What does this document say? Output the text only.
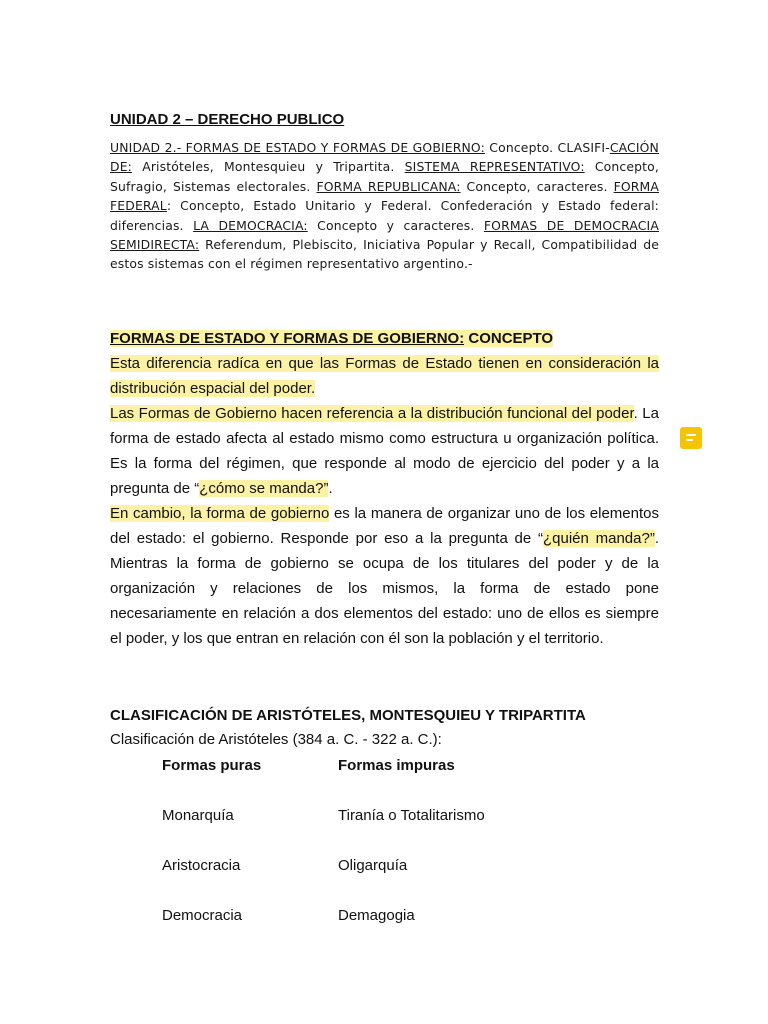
UNIDAD 2 – DERECHO PUBLICO
UNIDAD 2.- FORMAS DE ESTADO Y FORMAS DE GOBIERNO: Concepto. CLASIFI-CACIÓN DE: Aristóteles, Montesquieu y Tripartita. SISTEMA REPRESENTATIVO: Concepto, Sufragio, Sistemas electorales. FORMA REPUBLICANA: Concepto, caracteres. FORMA FEDERAL: Concepto, Estado Unitario y Federal. Confederación y Estado federal: diferencias. LA DEMOCRACIA: Concepto y caracteres. FORMAS DE DEMOCRACIA SEMIDIRECTA: Referendum, Plebiscito, Iniciativa Popular y Recall, Compatibilidad de estos sistemas con el régimen representativo argentino.-
FORMAS DE ESTADO Y FORMAS DE GOBIERNO: CONCEPTO
Esta diferencia radíca en que las Formas de Estado tienen en consideración la distribución espacial del poder.
Las Formas de Gobierno hacen referencia a la distribución funcional del poder. La forma de estado afecta al estado mismo como estructura u organización política. Es la forma del régimen, que responde al modo de ejercicio del poder y a la pregunta de “¿cómo se manda?”.
En cambio, la forma de gobierno es la manera de organizar uno de los elementos del estado: el gobierno. Responde por eso a la pregunta de “¿quién manda?”. Mientras la forma de gobierno se ocupa de los titulares del poder y de la organización y relaciones de los mismos, la forma de estado pone necesariamente en relación a dos elementos del estado: uno de ellos es siempre el poder, y los que entran en relación con él son la población y el territorio.
CLASIFICACIÓN DE ARISTÓTELES, MONTESQUIEU Y TRIPARTITA
Clasificación de Aristóteles (384 a. C. - 322 a. C.):
Formas puras	Formas impuras
Monarquía	Tiranía o Totalitarismo
Aristocracia	Oligarquía
Democracia	Demagogia
